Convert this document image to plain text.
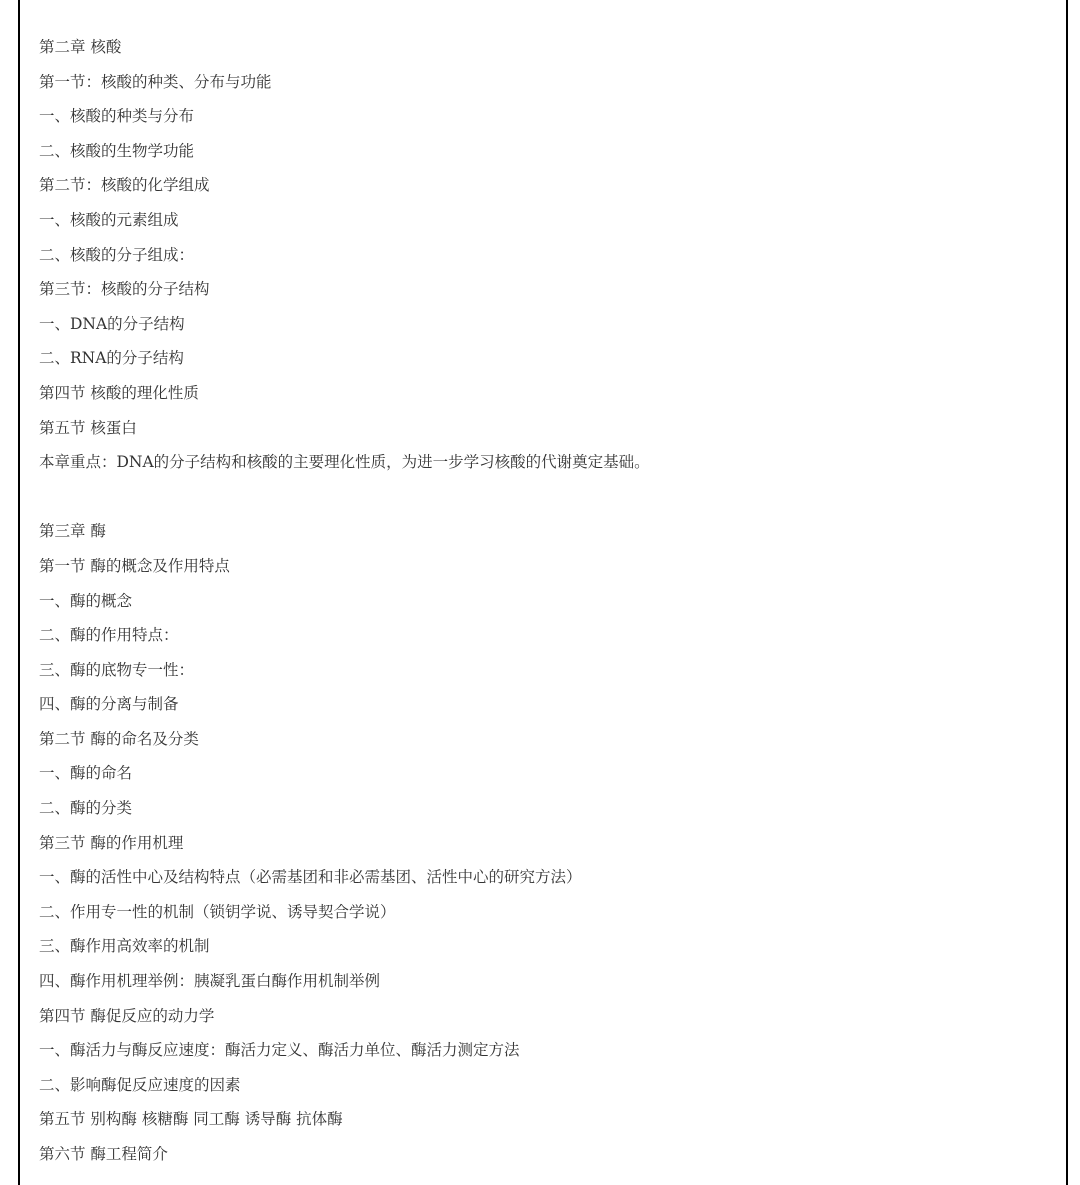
第二章 核酸
第一节：核酸的种类、分布与功能
一、核酸的种类与分布
二、核酸的生物学功能
第二节：核酸的化学组成
一、核酸的元素组成
二、核酸的分子组成：
第三节：核酸的分子结构
一、DNA的分子结构
二、RNA的分子结构
第四节 核酸的理化性质
第五节 核蛋白
本章重点：DNA的分子结构和核酸的主要理化性质，为进一步学习核酸的代谢奠定基础。
第三章 酶
第一节 酶的概念及作用特点
一、酶的概念
二、酶的作用特点：
三、酶的底物专一性：
四、酶的分离与制备
第二节 酶的命名及分类
一、酶的命名
二、酶的分类
第三节 酶的作用机理
一、酶的活性中心及结构特点（必需基团和非必需基团、活性中心的研究方法）
二、作用专一性的机制（锁钥学说、诱导契合学说）
三、酶作用高效率的机制
四、酶作用机理举例：胰凝乳蛋白酶作用机制举例
第四节 酶促反应的动力学
一、酶活力与酶反应速度：酶活力定义、酶活力单位、酶活力测定方法
二、影响酶促反应速度的因素
第五节 别构酶 核糖酶 同工酶 诱导酶 抗体酶
第六节 酶工程简介
